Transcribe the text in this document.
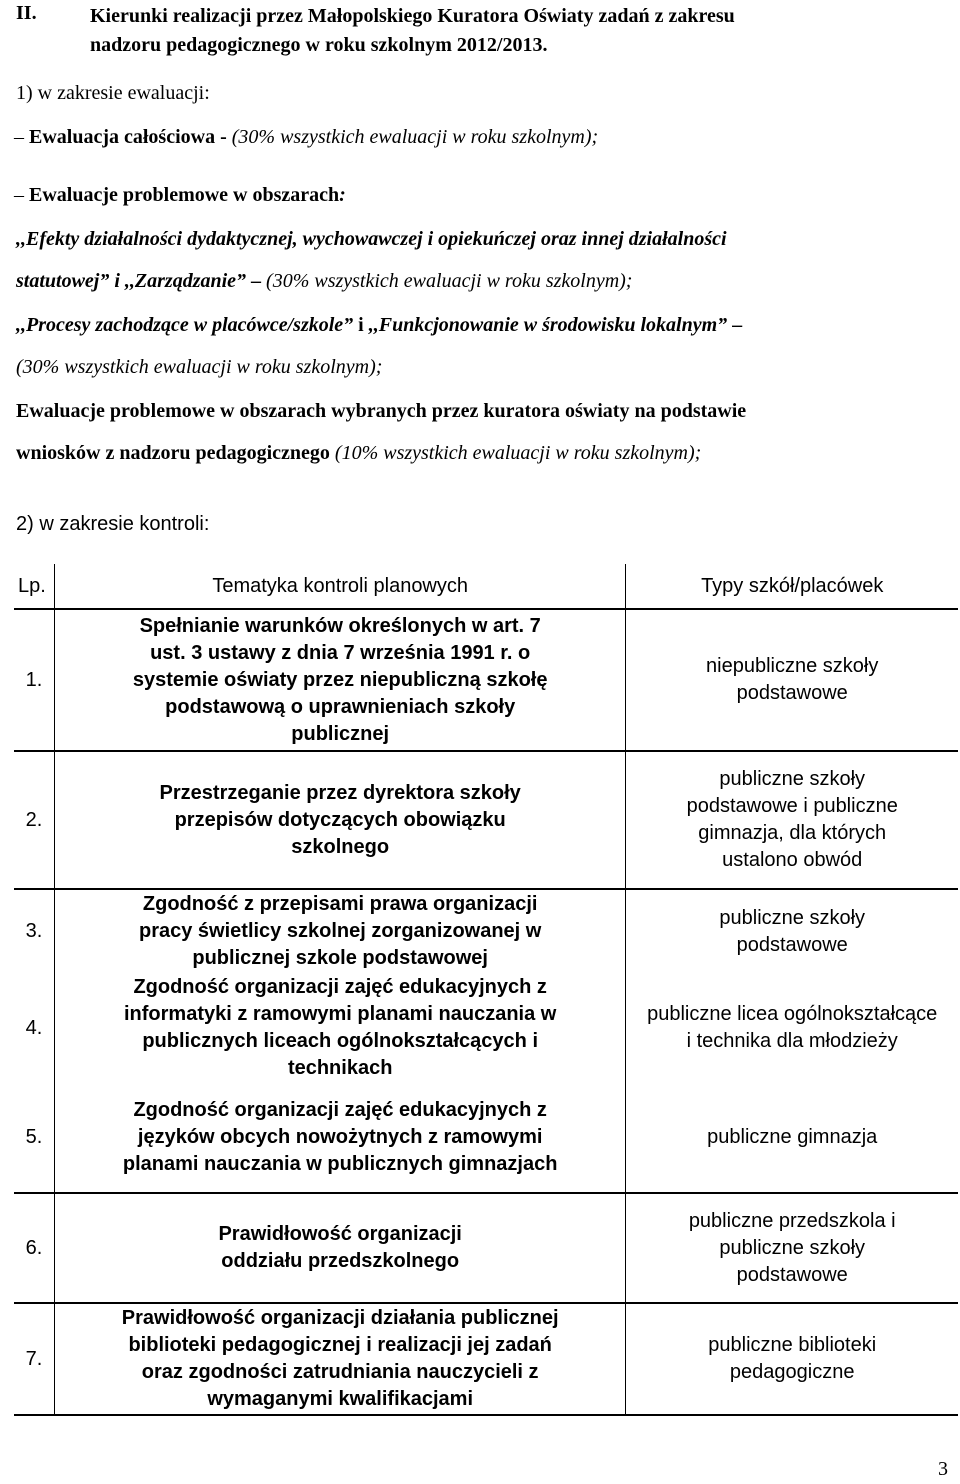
II.	Kierunki realizacji przez Małopolskiego Kuratora Oświaty zadań z zakresu
nadzoru pedagogicznego w roku szkolnym 2012/2013.
1) w zakresie ewaluacji:
– Ewaluacja całościowa - (30% wszystkich ewaluacji w roku szkolnym);
– Ewaluacje problemowe w obszarach:
,,Efekty działalności dydaktycznej, wychowawczej i opiekuńczej oraz innej działalności
statutowej” i ,,Zarządzanie” – (30% wszystkich ewaluacji w roku szkolnym);
,,Procesy zachodzące w placówce/szkole” i ,,Funkcjonowanie w środowisku lokalnym” –
(30% wszystkich ewaluacji w roku szkolnym);
Ewaluacje problemowe w obszarach wybranych przez kuratora oświaty na podstawie
wniosków z nadzoru pedagogicznego (10% wszystkich ewaluacji w roku szkolnym);
2) w zakresie kontroli:
Lp.	Tematyka kontroli planowych	Typy szkół/placówek
1.	Spełnianie warunków określonych w art. 7 ust. 3 ustawy z dnia 7 września 1991 r. o systemie oświaty przez niepubliczną szkołę podstawową o uprawnieniach szkoły publicznej	niepubliczne szkoły podstawowe
2.	Przestrzeganie przez dyrektora szkoły przepisów dotyczących obowiązku szkolnego	publiczne szkoły podstawowe i publiczne gimnazja, dla których ustalono obwód
3.	Zgodność z przepisami prawa organizacji pracy świetlicy szkolnej zorganizowanej w publicznej szkole podstawowej	publiczne szkoły podstawowe
4.	Zgodność organizacji zajęć edukacyjnych z informatyki z ramowymi planami nauczania w publicznych liceach ogólnokształcących i technikach	publiczne licea ogólnokształcące i technika dla młodzieży
5.	Zgodność organizacji zajęć edukacyjnych z języków obcych nowożytnych z ramowymi planami nauczania w publicznych gimnazjach	publiczne gimnazja
6.	Prawidłowość organizacji oddziału przedszkolnego	publiczne przedszkola i publiczne szkoły podstawowe
7.	Prawidłowość organizacji działania publicznej biblioteki pedagogicznej i realizacji jej zadań oraz zgodności zatrudniania nauczycieli z wymaganymi kwalifikacjami	publiczne biblioteki pedagogiczne
3
